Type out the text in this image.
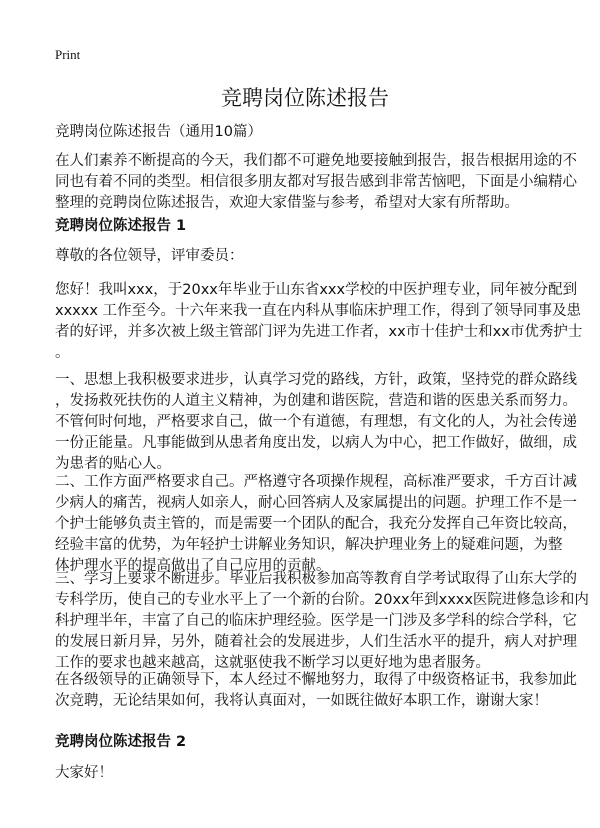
Print
竞聘岗位陈述报告
竞聘岗位陈述报告（通用10篇）
在人们素养不断提高的今天，我们都不可避免地要接触到报告，报告根据用途的不
同也有着不同的类型。相信很多朋友都对写报告感到非常苦恼吧，下面是小编精心
整理的竞聘岗位陈述报告，欢迎大家借鉴与参考，希望对大家有所帮助。
竞聘岗位陈述报告 1
尊敬的各位领导，评审委员：
您好！我叫xxx，于20xx年毕业于山东省xxx学校的中医护理专业，同年被分配到
xxxxx 工作至今。十六年来我一直在内科从事临床护理工作，得到了领导同事及患
者的好评，并多次被上级主管部门评为先进工作者，xx市十佳护士和xx市优秀护士
。
一、思想上我积极要求进步，认真学习党的路线，方针，政策，坚持党的群众路线
，发扬救死扶伤的人道主义精神，为创建和谐医院，营造和谐的医患关系而努力。
不管何时何地，严格要求自己，做一个有道德，有理想，有文化的人，为社会传递
一份正能量。凡事能做到从患者角度出发，以病人为中心，把工作做好，做细，成
为患者的贴心人。
二、工作方面严格要求自己。严格遵守各项操作规程，高标准严要求，千方百计减
少病人的痛苦，视病人如亲人，耐心回答病人及家属提出的问题。护理工作不是一
个护士能够负责主管的，而是需要一个团队的配合，我充分发挥自己年资比较高，
经验丰富的优势，为年轻护士讲解业务知识，解决护理业务上的疑难问题，为整
体护理水平的提高做出了自己应用的贡献。
三、学习上要求不断进步。毕业后我积极参加高等教育自学考试取得了山东大学的
专科学历，使自己的专业水平上了一个新的台阶。20xx年到xxxx医院进修急诊和内
科护理半年，丰富了自己的临床护理经验。医学是一门涉及多学科的综合学科，它
的发展日新月异，另外，随着社会的发展进步，人们生活水平的提升，病人对护理
工作的要求也越来越高，这就驱使我不断学习以更好地为患者服务。
在各级领导的正确领导下，本人经过不懈地努力，取得了中级资格证书，我参加此
次竞聘，无论结果如何，我将认真面对，一如既往做好本职工作，谢谢大家！
竞聘岗位陈述报告 2
大家好！
